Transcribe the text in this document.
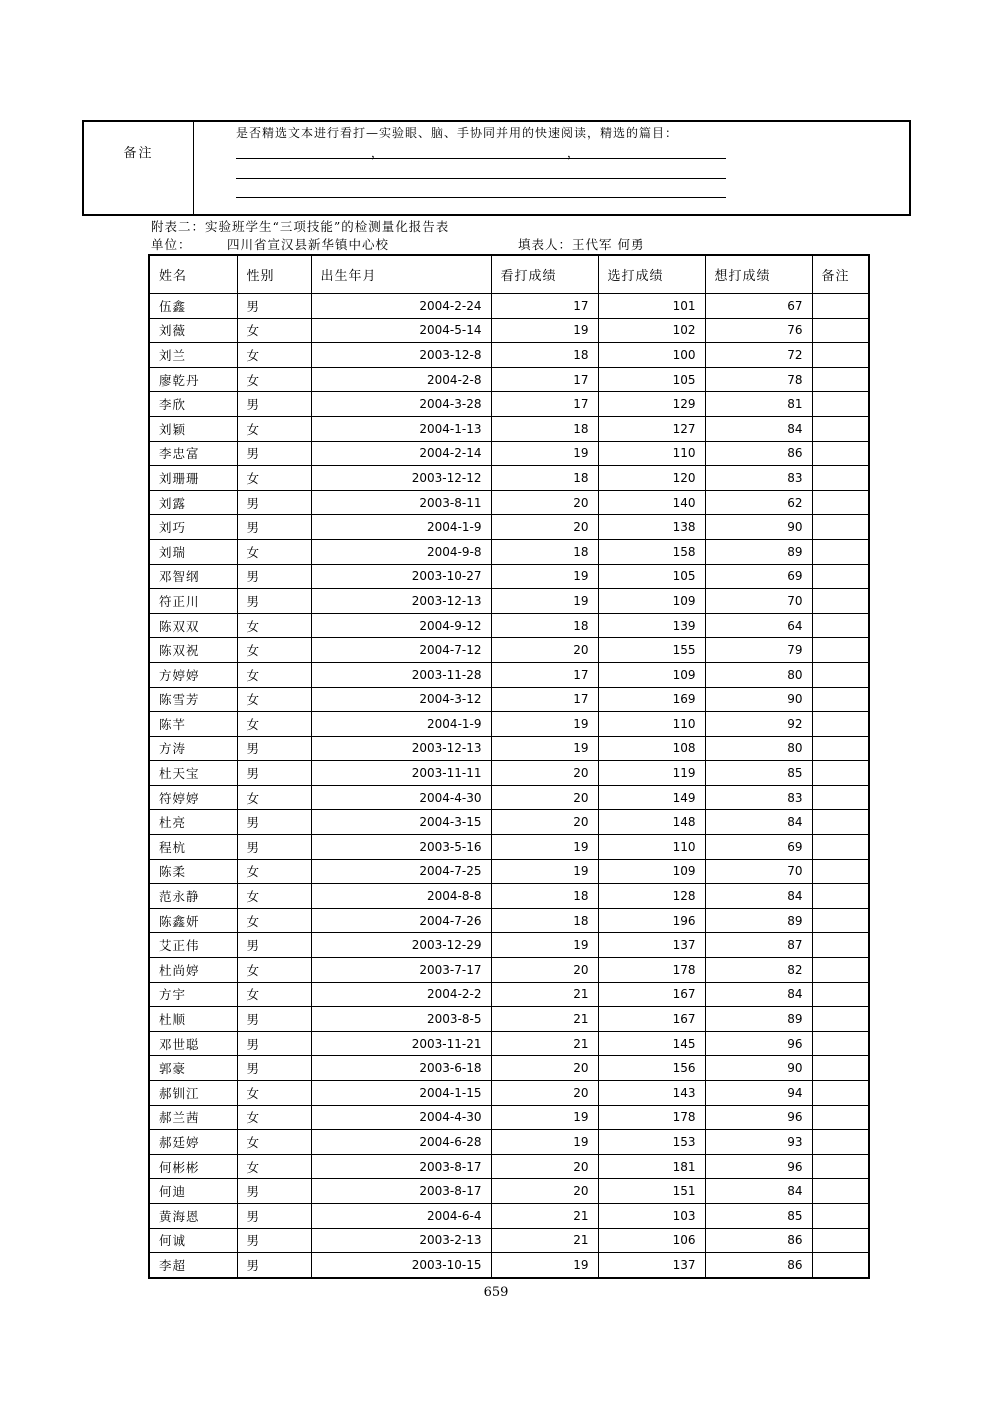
备注
是否精选文本进行看打—实验眼、脑、手协同并用的快速阅读，精选的篇目：
，	，
附表二：实验班学生“三项技能”的检测量化报告表
单位：	四川省宣汉县新华镇中心校	填表人：王代军 何勇
姓名	性别	出生年月	看打成绩	选打成绩	想打成绩	备注
伍鑫	男	2004-2-24	17	101	67	
刘薇	女	2004-5-14	19	102	76	
刘兰	女	2003-12-8	18	100	72	
廖乾丹	女	2004-2-8	17	105	78	
李欣	男	2004-3-28	17	129	81	
刘颖	女	2004-1-13	18	127	84	
李忠富	男	2004-2-14	19	110	86	
刘珊珊	女	2003-12-12	18	120	83	
刘露	男	2003-8-11	20	140	62	
刘巧	男	2004-1-9	20	138	90	
刘瑞	女	2004-9-8	18	158	89	
邓智纲	男	2003-10-27	19	105	69	
符正川	男	2003-12-13	19	109	70	
陈双双	女	2004-9-12	18	139	64	
陈双祝	女	2004-7-12	20	155	79	
方婷婷	女	2003-11-28	17	109	80	
陈雪芳	女	2004-3-12	17	169	90	
陈芊	女	2004-1-9	19	110	92	
方涛	男	2003-12-13	19	108	80	
杜天宝	男	2003-11-11	20	119	85	
符婷婷	女	2004-4-30	20	149	83	
杜亮	男	2004-3-15	20	148	84	
程杭	男	2003-5-16	19	110	69	
陈柔	女	2004-7-25	19	109	70	
范永静	女	2004-8-8	18	128	84	
陈鑫妍	女	2004-7-26	18	196	89	
艾正伟	男	2003-12-29	19	137	87	
杜尚婷	女	2003-7-17	20	178	82	
方宇	女	2004-2-2	21	167	84	
杜顺	男	2003-8-5	21	167	89	
邓世聪	男	2003-11-21	21	145	96	
郭豪	男	2003-6-18	20	156	90	
郝钏江	女	2004-1-15	20	143	94	
郝兰茜	女	2004-4-30	19	178	96	
郝廷婷	女	2004-6-28	19	153	93	
何彬彬	女	2003-8-17	20	181	96	
何迪	男	2003-8-17	20	151	84	
黄海恩	男	2004-6-4	21	103	85	
何诚	男	2003-2-13	21	106	86	
李超	男	2003-10-15	19	137	86	
659
